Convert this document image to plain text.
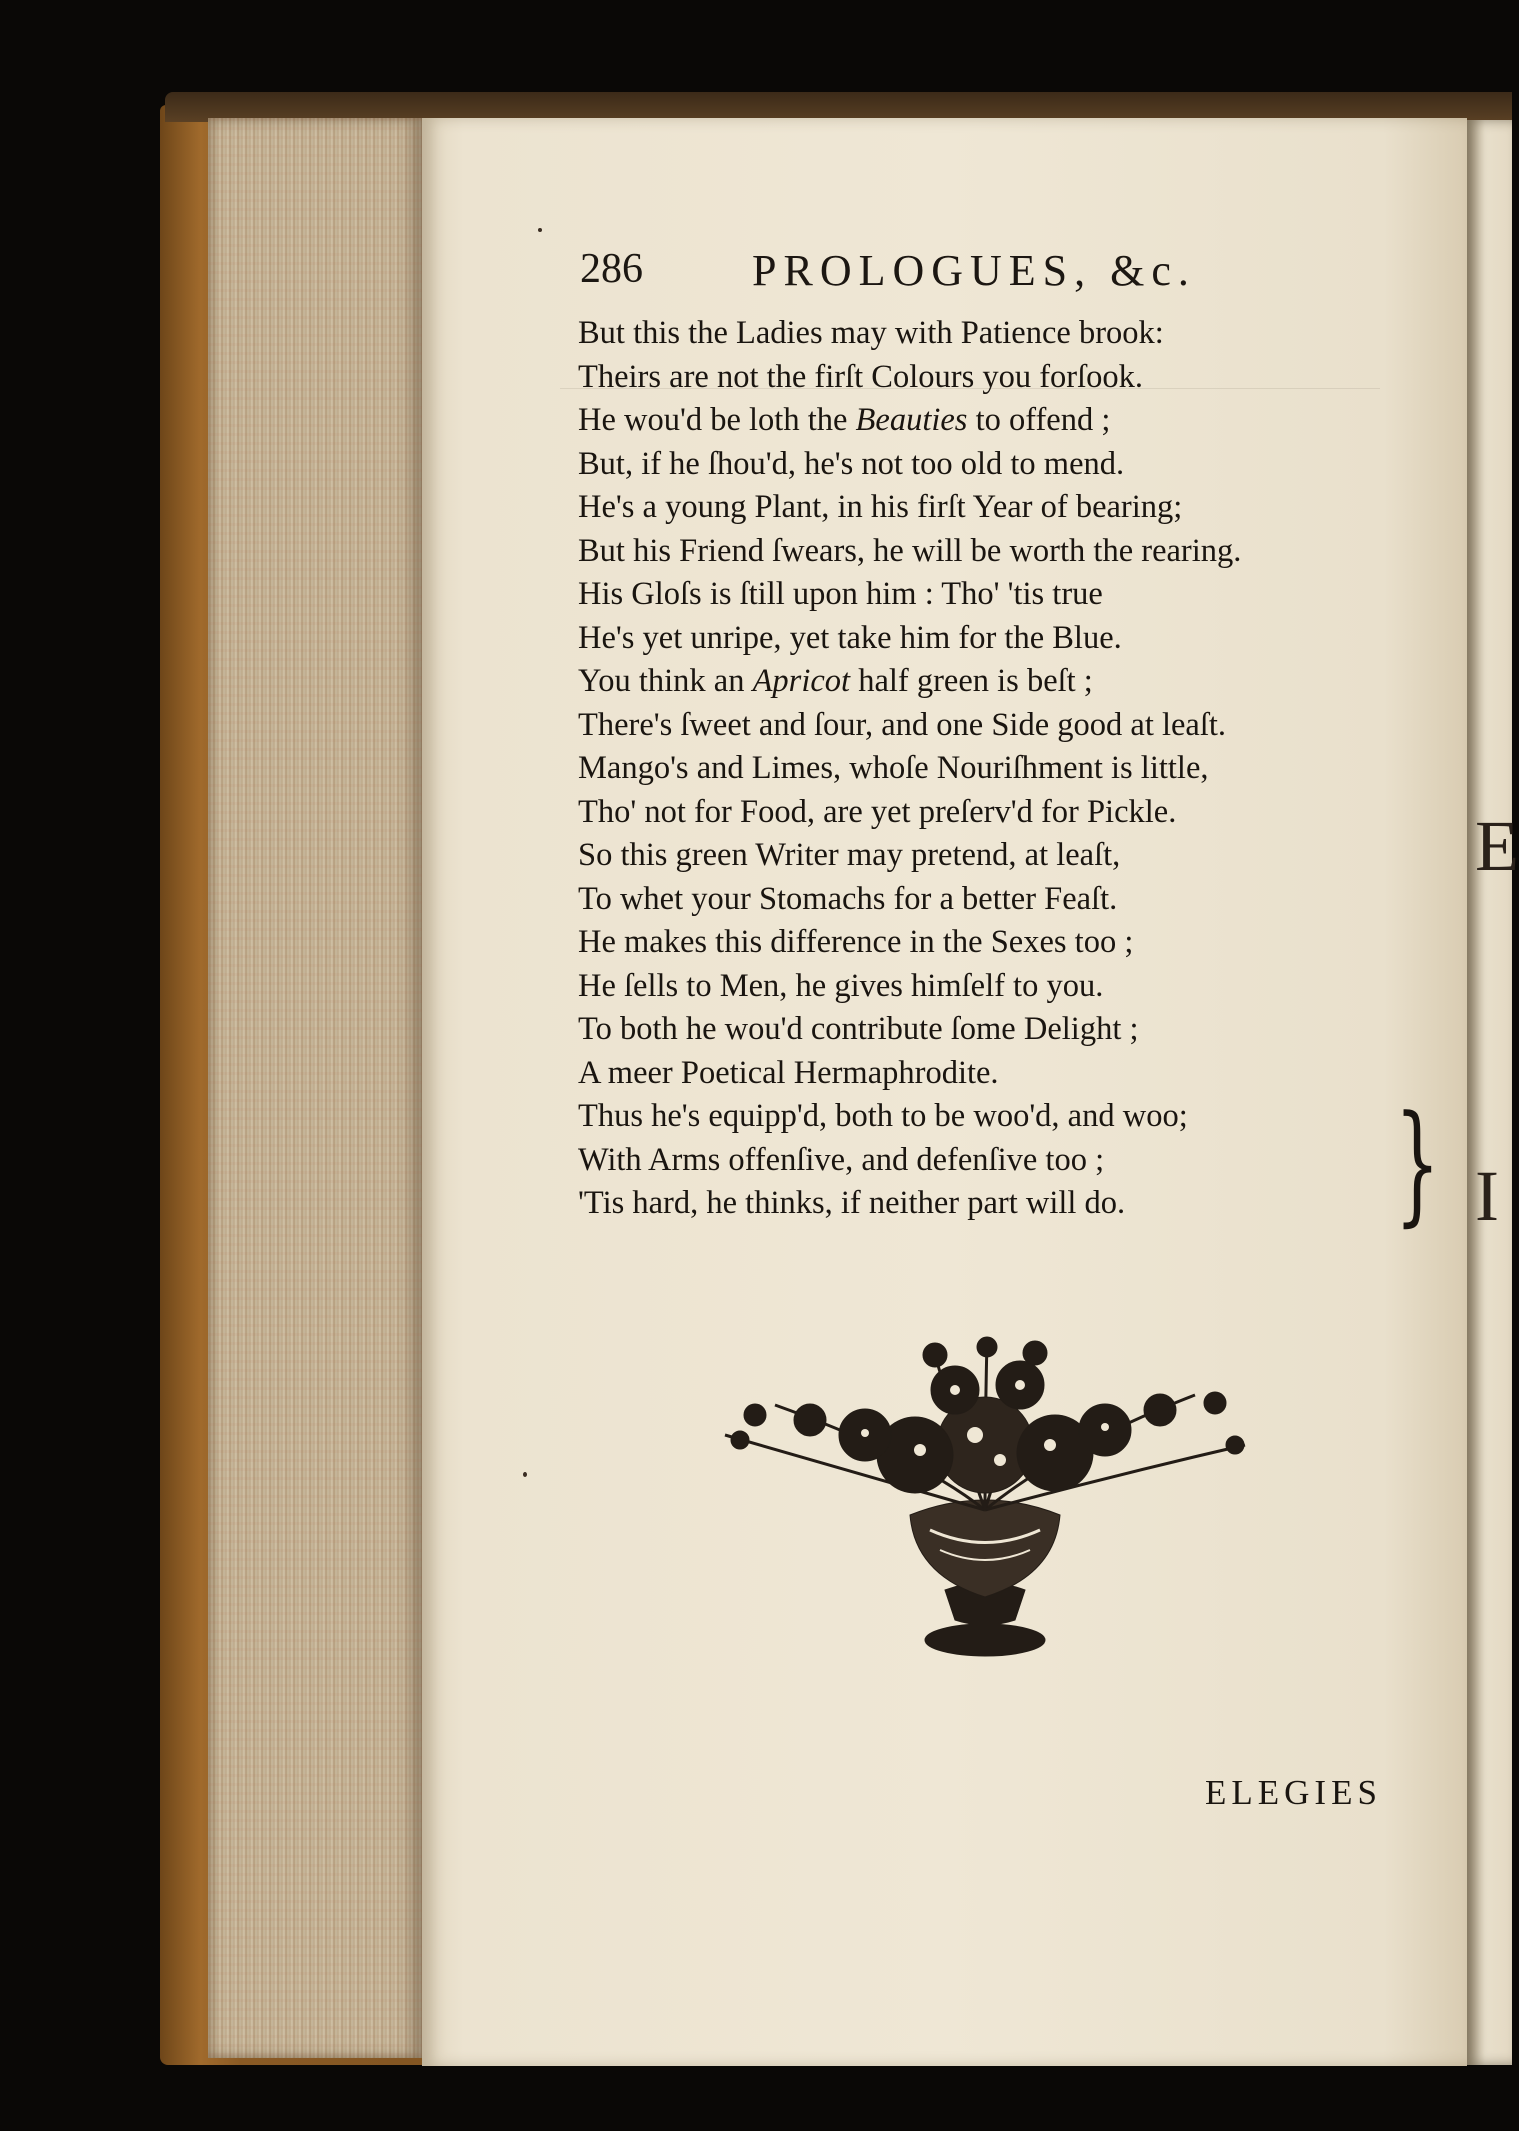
E
I
286 PROLOGUES, &c.
But this the Ladies may with Patience brook:
Theirs are not the firſt Colours you forſook.
He wou'd be loth the Beauties to offend ;
But, if he ſhou'd, he's not too old to mend.
He's a young Plant, in his firſt Year of bearing;
But his Friend ſwears, he will be worth the rearing.
His Gloſs is ſtill upon him : Tho' 'tis true
He's yet unripe, yet take him for the Blue.
You think an Apricot half green is beſt ;
There's ſweet and ſour, and one Side good at leaſt.
Mango's and Limes, whoſe Nouriſhment is little,
Tho' not for Food, are yet preſerv'd for Pickle.
So this green Writer may pretend, at leaſt,
To whet your Stomachs for a better Feaſt.
He makes this difference in the Sexes too ;
He ſells to Men, he gives himſelf to you.
To both he wou'd contribute ſome Delight ;
A meer Poetical Hermaphrodite.
Thus he's equipp'd, both to be woo'd, and woo;
With Arms offenſive, and defenſive too ;
'Tis hard, he thinks, if neither part will do.	}
ELEGIES
